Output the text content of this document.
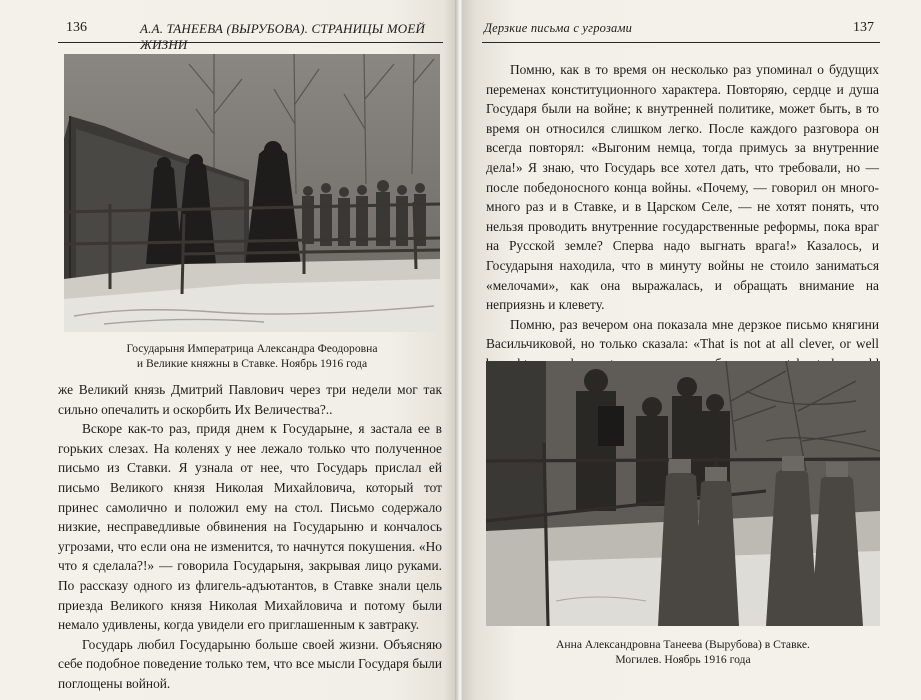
136	А.А. ТАНЕЕВА (ВЫРУБОВА). СТРАНИЦЫ МОЕЙ ЖИЗНИ
Государыня Императрица Александра Феодоровна
и Великие княжны в Ставке. Ноябрь 1916 года

же Великий князь Дмитрий Павлович через три недели мог так сильно опечалить и оскорбить Их Величества?..

Вскоре как-то раз, придя днем к Государыне, я застала ее в горьких слезах. На коленях у нее лежало только что полученное письмо из Ставки. Я узнала от нее, что Государь прислал ей письмо Великого князя Николая Михайловича, который тот принес самолично и положил ему на стол. Письмо содержало низкие, несправедливые обвинения на Государыню и кончалось угрозами, что если она не изменится, то начнутся покушения. «Но что я сделала?!» — говорила Государыня, закрывая лицо руками. По рассказу одного из флигель-адъютантов, в Ставке знали цель приезда Великого князя Николая Михайловича и потому были немало удивлены, когда увидели его приглашенным к завтраку.

Государь любил Государыню больше своей жизни. Объясняю себе подобное поведение только тем, что все мысли Государя были поглощены войной.

Дерзкие письма с угрозами	137

Помню, как в то время он несколько раз упоминал о будущих переменах конституционного характера. Повторяю, сердце и душа Государя были на войне; к внутренней политике, может быть, в то время он относился слишком легко. После каждого разговора он всегда повторял: «Выгоним немца, тогда примусь за внутренние дела!» Я знаю, что Государь все хотел дать, что требовали, но — после победоносного конца войны. «Почему, — говорил он много-много раз и в Ставке, и в Царском Селе, — не хотят понять, что нельзя проводить внутренние государственные реформы, пока враг на Русской земле? Сперва надо выгнать врага!» Казалось, и Государыня находила, что в минуту войны не стоило заниматься «мелочами», как она выражалась, и обращать внимание на неприязнь и клевету.

Помню, раз вечером она показала мне дерзкое письмо княгини Васильчиковой, но только сказала: «That is not at all clever, or well

Анна Александровна Танеева (Вырубова) в Ставке.
Могилев. Ноябрь 1916 года
